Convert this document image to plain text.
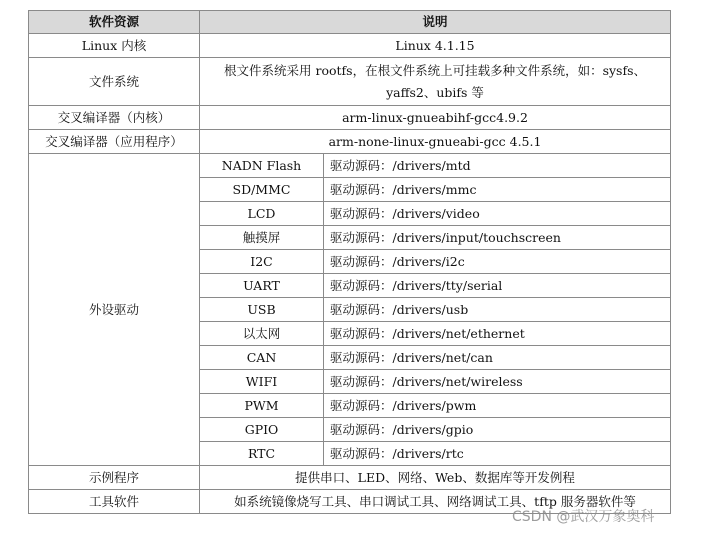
软件资源	说明	
Linux 内核	Linux 4.1.15	
文件系统	根文件系统采用 rootfs，在根文件系统上可挂载多种文件系统，如：sysfs、yaffs2、ubifs 等	
交叉编译器（内核）	arm-linux-gnueabihf-gcc4.9.2	
交叉编译器（应用程序）	arm-none-linux-gnueabi-gcc 4.5.1	
外设驱动	NADN Flash	驱动源码：/drivers/mtd
	SD/MMC	驱动源码：/drivers/mmc
	LCD	驱动源码：/drivers/video
	触摸屏	驱动源码：/drivers/input/touchscreen
	I2C	驱动源码：/drivers/i2c
	UART	驱动源码：/drivers/tty/serial
	USB	驱动源码：/drivers/usb
	以太网	驱动源码：/drivers/net/ethernet
	CAN	驱动源码：/drivers/net/can
	WIFI	驱动源码：/drivers/net/wireless
	PWM	驱动源码：/drivers/pwm
	GPIO	驱动源码：/drivers/gpio
	RTC	驱动源码：/drivers/rtc
示例程序	提供串口、LED、网络、Web、数据库等开发例程	
工具软件	如系统镜像烧写工具、串口调试工具、网络调试工具、tftp 服务器软件等	
CSDN @武汉万象奥科
